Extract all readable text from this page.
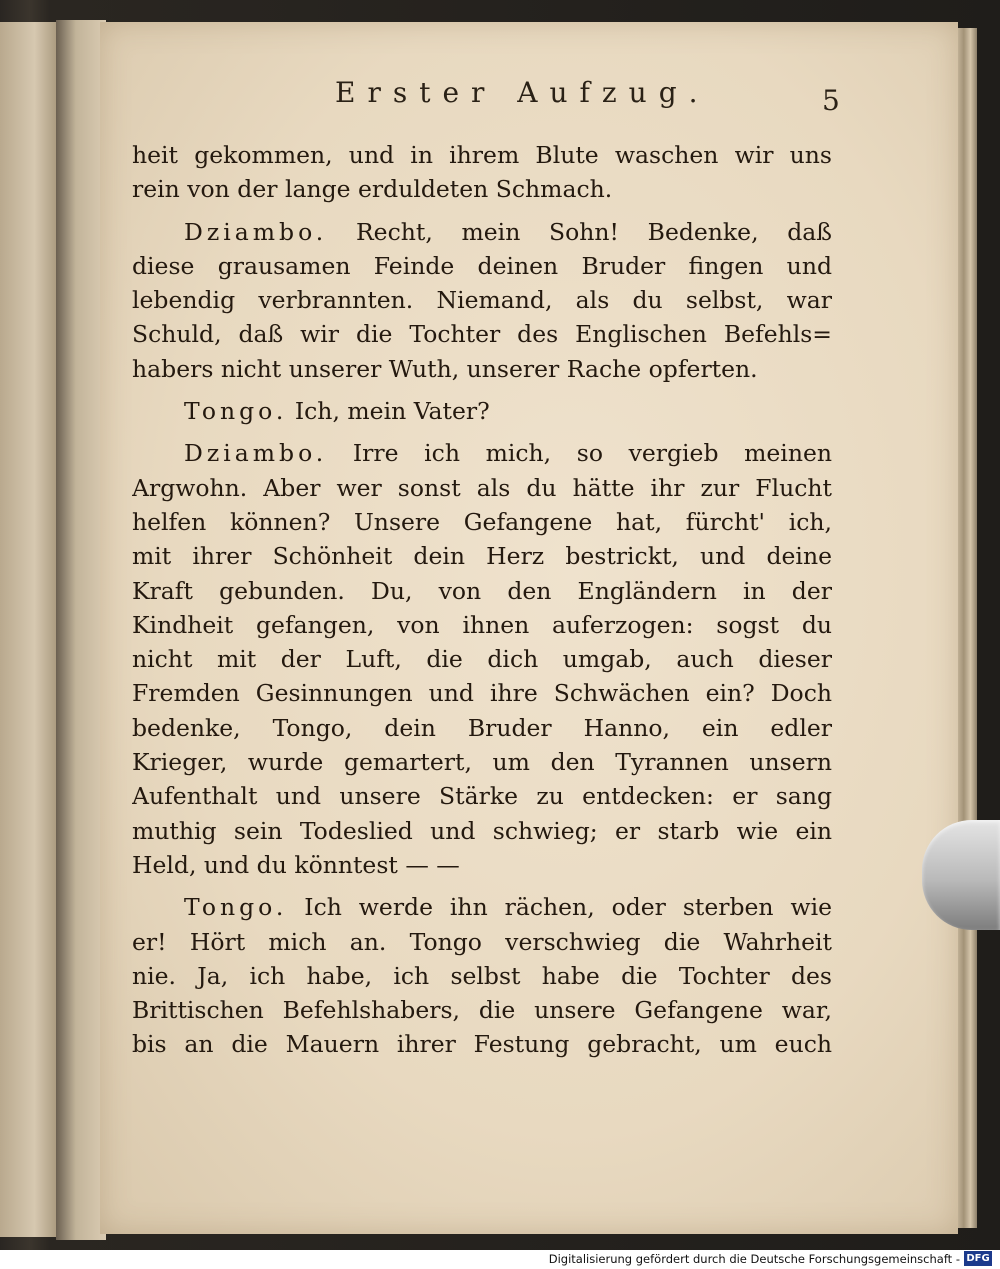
Erster Aufzug.	5
heit gekommen, und in ihrem Blute waschen wir uns
rein von der lange erduldeten Schmach.
Dziambo. Recht, mein Sohn! Bedenke, daß
diese grausamen Feinde deinen Bruder fingen und
lebendig verbrannten. Niemand, als du selbst, war
Schuld, daß wir die Tochter des Englischen Befehls=
habers nicht unserer Wuth, unserer Rache opferten.
Tongo. Ich, mein Vater?
Dziambo. Irre ich mich, so vergieb meinen
Argwohn. Aber wer sonst als du hätte ihr zur Flucht
helfen können? Unsere Gefangene hat, fürcht' ich,
mit ihrer Schönheit dein Herz bestrickt, und deine
Kraft gebunden. Du, von den Engländern in der
Kindheit gefangen, von ihnen auferzogen: sogst du
nicht mit der Luft, die dich umgab, auch dieser
Fremden Gesinnungen und ihre Schwächen ein? Doch
bedenke, Tongo, dein Bruder Hanno, ein edler
Krieger, wurde gemartert, um den Tyrannen unsern
Aufenthalt und unsere Stärke zu entdecken: er sang
muthig sein Todeslied und schwieg; er starb wie ein
Held, und du könntest — —
Tongo. Ich werde ihn rächen, oder sterben wie
er! Hört mich an. Tongo verschwieg die Wahrheit
nie. Ja, ich habe, ich selbst habe die Tochter des
Brittischen Befehlshabers, die unsere Gefangene war,
bis an die Mauern ihrer Festung gebracht, um euch
Digitalisierung gefördert durch die Deutsche Forschungsgemeinschaft - DFG
